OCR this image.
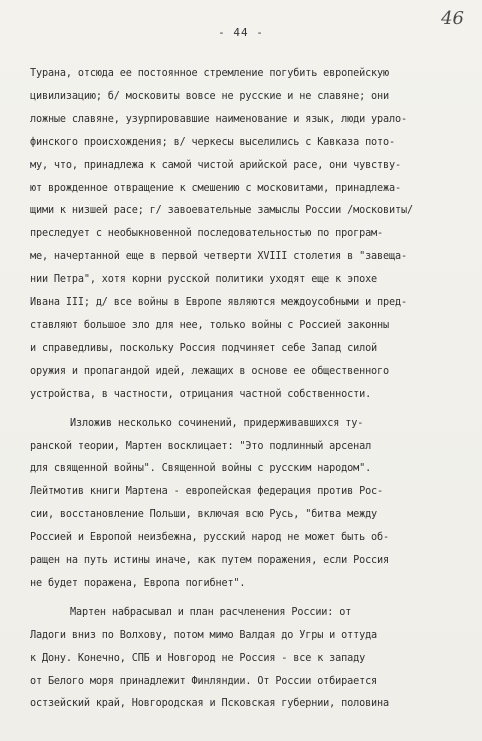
46
- 44 -
Турана, отсюда ее постоянное стремление погубить европейскую
цивилизацию; б/ московиты вовсе не русские и не славяне; они
ложные славяне, узурпировавшие наименование и язык, люди урало-
финского происхождения; в/ черкесы выселились с Кавказа пото-
му, что, принадлежа к самой чистой арийской расе, они чувству-
ют врожденное отвращение к смешению с московитами, принадлежа-
щими к низшей расе; г/ завоевательные замыслы России /московиты/
преследует с необыкновенной последовательностью по програм-
ме, начертанной еще в первой четверти XVIII столетия в "завеща-
нии Петра", хотя корни русской политики уходят еще к эпохе
Ивана III; д/ все войны в Европе являются междоусобными и пред-
ставляют большое зло для нее, только войны с Россией законны
и справедливы, поскольку Россия подчиняет себе Запад силой
оружия и пропагандой идей, лежащих в основе ее общественного
устройства, в частности, отрицания частной собственности.
Изложив несколько сочинений, придерживавшихся ту-
ранской теории, Мартен восклицает: "Это подлинный арсенал
для священной войны". Священной войны с русским народом".
Лейтмотив книги Мартена - европейская федерация против Рос-
сии, восстановление Польши, включая всю Русь, "битва между
Россией и Европой неизбежна, русский народ не может быть об-
ращен на путь истины иначе, как путем поражения, если Россия
не будет поражена, Европа погибнет".
Мартен набрасывал и план расчленения России: от
Ладоги вниз по Волхову, потом мимо Валдая до Угры и оттуда
к Дону. Конечно, СПБ и Новгород не Россия - все к западу
от Белого моря принадлежит Финляндии. От России отбирается
остзейский край, Новгородская и Псковская губернии, половина
